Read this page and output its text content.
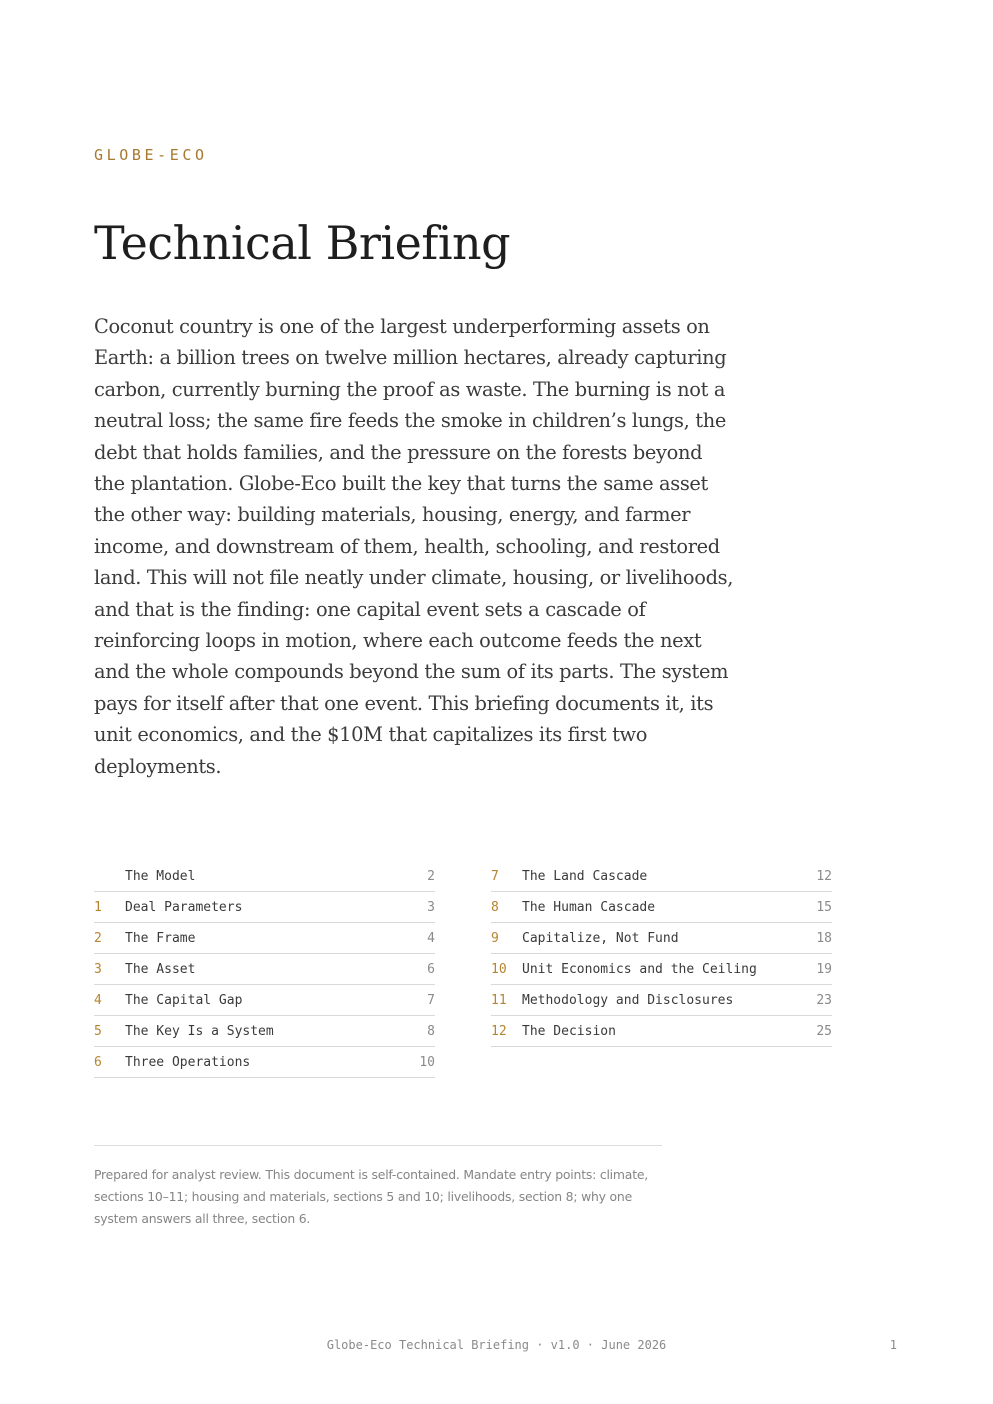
GLOBE-ECO
Technical Briefing

Coconut country is one of the largest underperforming assets on Earth: a billion trees on twelve million hectares, already capturing carbon, currently burning the proof as waste. The burning is not a neutral loss; the same fire feeds the smoke in children’s lungs, the debt that holds families, and the pressure on the forests beyond the plantation. Globe-Eco built the key that turns the same asset the other way: building materials, housing, energy, and farmer income, and downstream of them, health, schooling, and restored land. This will not file neatly under climate, housing, or livelihoods, and that is the finding: one capital event sets a cascade of reinforcing loops in motion, where each outcome feeds the next and the whole compounds beyond the sum of its parts. The system pays for itself after that one event. This briefing documents it, its unit economics, and the $10M that capitalizes its first two deployments.

The Model	2
1	Deal Parameters	3
2	The Frame	4
3	The Asset	6
4	The Capital Gap	7
5	The Key Is a System	8
6	Three Operations	10
7	The Land Cascade	12
8	The Human Cascade	15
9	Capitalize, Not Fund	18
10	Unit Economics and the Ceiling	19
11	Methodology and Disclosures	23
12	The Decision	25

Prepared for analyst review. This document is self-contained. Mandate entry points: climate, sections 10–11; housing and materials, sections 5 and 10; livelihoods, section 8; why one system answers all three, section 6.

Globe-Eco Technical Briefing · v1.0 · June 2026	1
